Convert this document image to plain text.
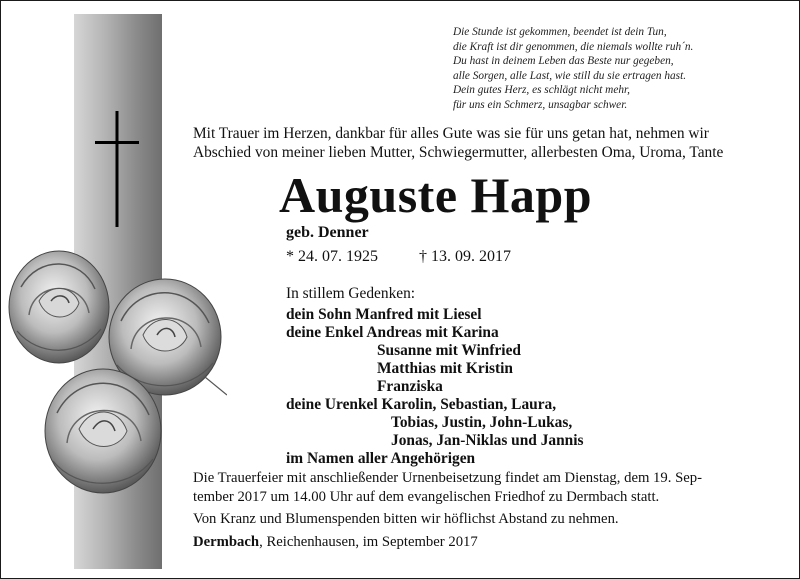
Die Stunde ist gekommen, beendet ist dein Tun,
die Kraft ist dir genommen, die niemals wollte ruh´n.
Du hast in deinem Leben das Beste nur gegeben,
alle Sorgen, alle Last, wie still du sie ertragen hast.
Dein gutes Herz, es schlägt nicht mehr,
für uns ein Schmerz, unsagbar schwer.
Mit Trauer im Herzen, dankbar für alles Gute was sie für uns getan hat, nehmen wir
Abschied von meiner lieben Mutter, Schwiegermutter, allerbesten Oma, Uroma, Tante
Auguste Happ
geb. Denner
* 24. 07. 1925	† 13. 09. 2017
In stillem Gedenken:
dein Sohn Manfred mit Liesel
deine Enkel Andreas mit Karina
Susanne mit Winfried
Matthias mit Kristin
Franziska
deine Urenkel Karolin, Sebastian, Laura,
Tobias, Justin, John-Lukas,
Jonas, Jan-Niklas und Jannis
im Namen aller Angehörigen
Die Trauerfeier mit anschließender Urnenbeisetzung findet am Dienstag, dem 19. Sep-
tember 2017 um 14.00 Uhr auf dem evangelischen Friedhof zu Dermbach statt.
Von Kranz und Blumenspenden bitten wir höflichst Abstand zu nehmen.
Dermbach, Reichenhausen, im September 2017
